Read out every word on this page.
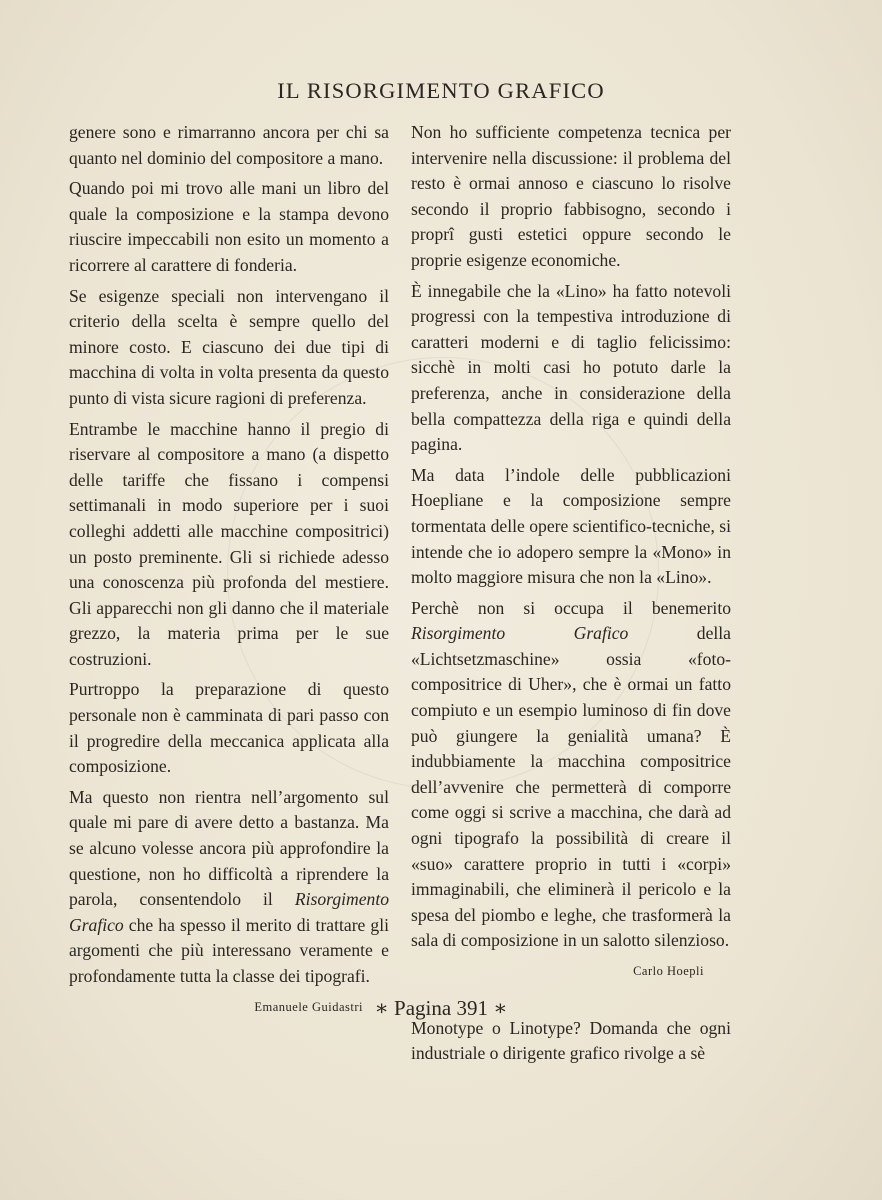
IL RISORGIMENTO GRAFICO

genere sono e rimarranno ancora per chi sa quanto nel dominio del compositore a mano.

Quando poi mi trovo alle mani un libro del quale la composizione e la stampa devono riuscire impeccabili non esito un momento a ricorrere al carattere di fonderia.

Se esigenze speciali non intervengano il criterio della scelta è sempre quello del minore costo. E ciascuno dei due tipi di macchina di volta in volta presenta da questo punto di vista sicure ragioni di preferenza.

Entrambe le macchine hanno il pregio di riservare al compositore a mano (a dispetto delle tariffe che fissano i compensi settimanali in modo superiore per i suoi colleghi addetti alle macchine compositrici) un posto preminente. Gli si richiede adesso una conoscenza più profonda del mestiere. Gli apparecchi non gli danno che il materiale grezzo, la materia prima per le sue costruzioni.

Purtroppo la preparazione di questo personale non è camminata di pari passo con il progredire della meccanica applicata alla composizione.

Ma questo non rientra nell’argomento sul quale mi pare di avere detto a bastanza. Ma se alcuno volesse ancora più approfondire la questione, non ho difficoltà a riprendere la parola, consentendolo il Risorgimento Grafico che ha spesso il merito di trattare gli argomenti che più interessano veramente e profondamente tutta la classe dei tipografi.

Emanuele Guidastri

Non ho sufficiente competenza tecnica per intervenire nella discussione: il problema del resto è ormai annoso e ciascuno lo risolve secondo il proprio fabbisogno, secondo i proprî gusti estetici oppure secondo le proprie esigenze economiche.

È innegabile che la «Lino» ha fatto notevoli progressi con la tempestiva introduzione di caratteri moderni e di taglio felicissimo: sicchè in molti casi ho potuto darle la preferenza, anche in considerazione della bella compattezza della riga e quindi della pagina.

Ma data l’indole delle pubblicazioni Hoepliane e la composizione sempre tormentata delle opere scientifico-tecniche, si intende che io adopero sempre la «Mono» in molto maggiore misura che non la «Lino».

Perchè non si occupa il benemerito Risorgimento Grafico della «Lichtsetzmaschine» ossia «foto-compositrice di Uher», che è ormai un fatto compiuto e un esempio luminoso di fin dove può giungere la genialità umana? È indubbiamente la macchina compositrice dell’avvenire che permetterà di comporre come oggi si scrive a macchina, che darà ad ogni tipografo la possibilità di creare il «suo» carattere proprio in tutti i «corpi» immaginabili, che eliminerà il pericolo e la spesa del piombo e leghe, che trasformerà la sala di composizione in un salotto silenzioso.

Carlo Hoepli

Monotype o Linotype? Domanda che ogni industriale o dirigente grafico rivolge a sè

∗ Pagina 391 ∗
